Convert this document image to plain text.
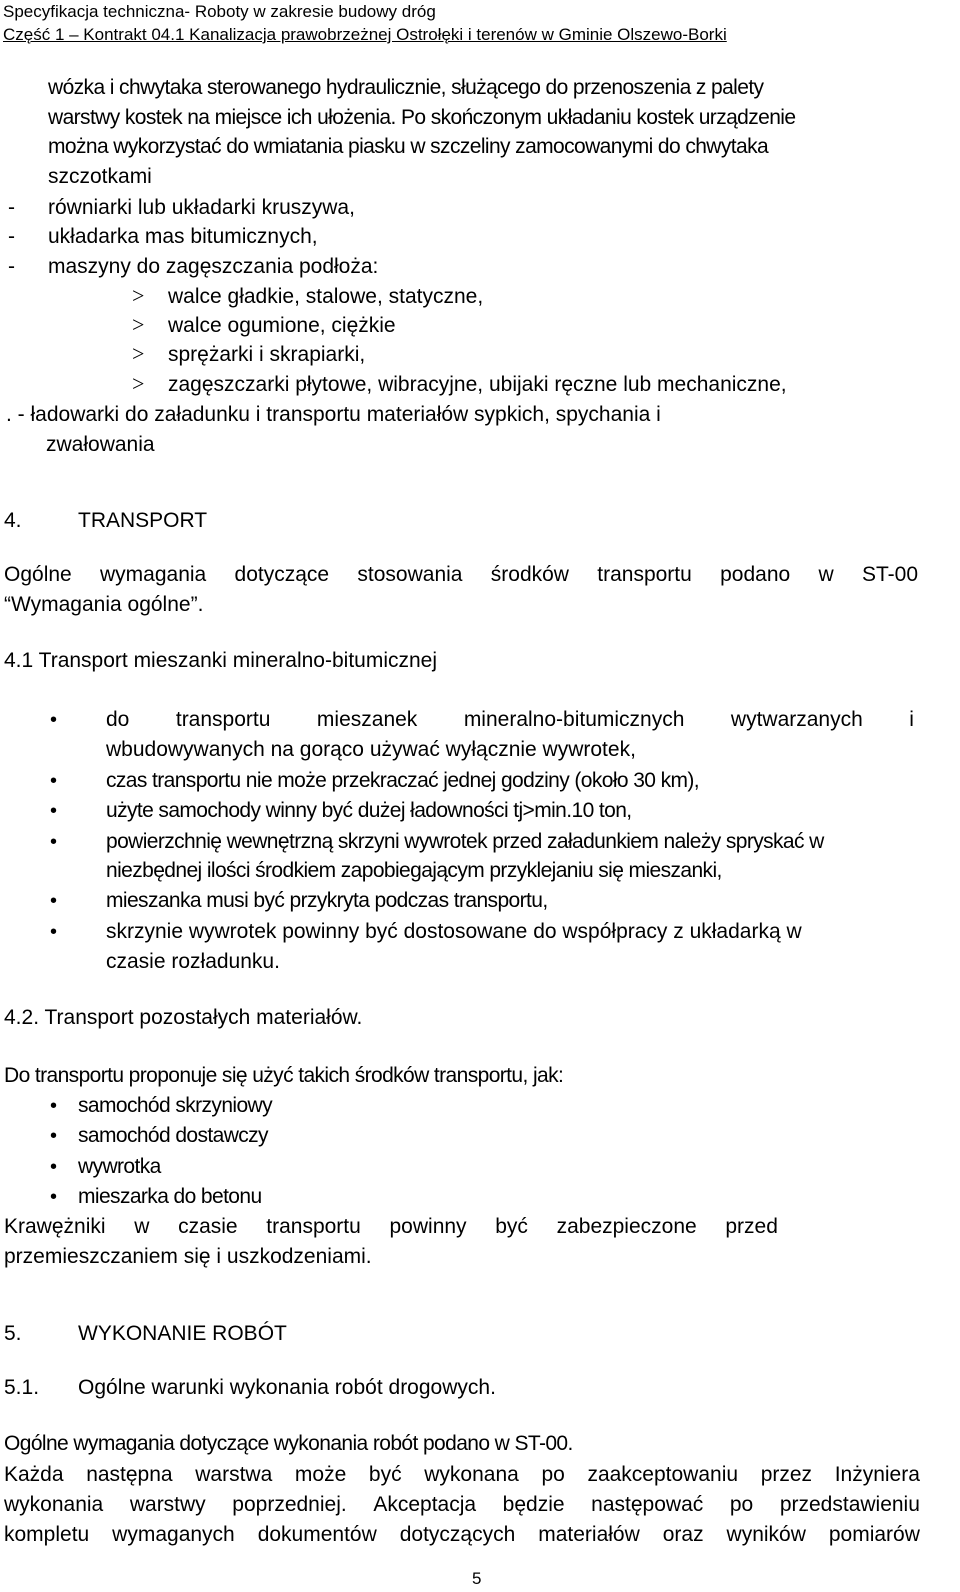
Specyfikacja techniczna- Roboty w zakresie budowy dróg
Część 1 – Kontrakt 04.1 Kanalizacja prawobrzeżnej Ostrołęki i terenów w Gminie Olszewo-Borki
wózka i chwytaka sterowanego hydraulicznie, służącego do przenoszenia z palety
warstwy kostek na miejsce ich ułożenia. Po skończonym układaniu kostek urządzenie
można wykorzystać do wmiatania piasku w szczeliny zamocowanymi do chwytaka
szczotkami
- równiarki lub układarki kruszywa,
- układarka mas bitumicznych,
- maszyny do zagęszczania podłoża:
> walce gładkie, stalowe, statyczne,
> walce ogumione, ciężkie
> sprężarki i skrapiarki,
> zagęszczarki płytowe, wibracyjne, ubijaki ręczne lub mechaniczne,
. - ładowarki do załadunku i transportu materiałów sypkich, spychania i
zwałowania
4.	TRANSPORT
Ogólne wymagania dotyczące stosowania środków transportu podano w ST-00
“Wymagania ogólne”.
4.1 Transport mieszanki mineralno-bitumicznej
• do transportu mieszanek mineralno-bitumicznych wytwarzanych i
wbudowywanych na gorąco używać wyłącznie wywrotek,
• czas transportu nie może przekraczać jednej godziny (około 30 km),
• użyte samochody winny być dużej ładowności tj>min.10 ton,
• powierzchnię wewnętrzną skrzyni wywrotek przed załadunkiem należy spryskać w
niezbędnej ilości środkiem zapobiegającym przyklejaniu się mieszanki,
• mieszanka musi być przykryta podczas transportu,
• skrzynie wywrotek powinny być dostosowane do współpracy z układarką w
czasie rozładunku.
4.2. Transport pozostałych materiałów.
Do transportu proponuje się użyć takich środków transportu, jak:
• samochód skrzyniowy
• samochód dostawczy
• wywrotka
• mieszarka do betonu
Krawężniki w czasie transportu powinny być zabezpieczone przed
przemieszczaniem się i uszkodzeniami.
5.	WYKONANIE ROBÓT
5.1. Ogólne warunki wykonania robót drogowych.
Ogólne wymagania dotyczące wykonania robót podano w ST-00.
Każda następna warstwa może być wykonana po zaakceptowaniu przez Inżyniera
wykonania warstwy poprzedniej. Akceptacja będzie następować po przedstawieniu
kompletu wymaganych dokumentów dotyczących materiałów oraz wyników pomiarów
5
